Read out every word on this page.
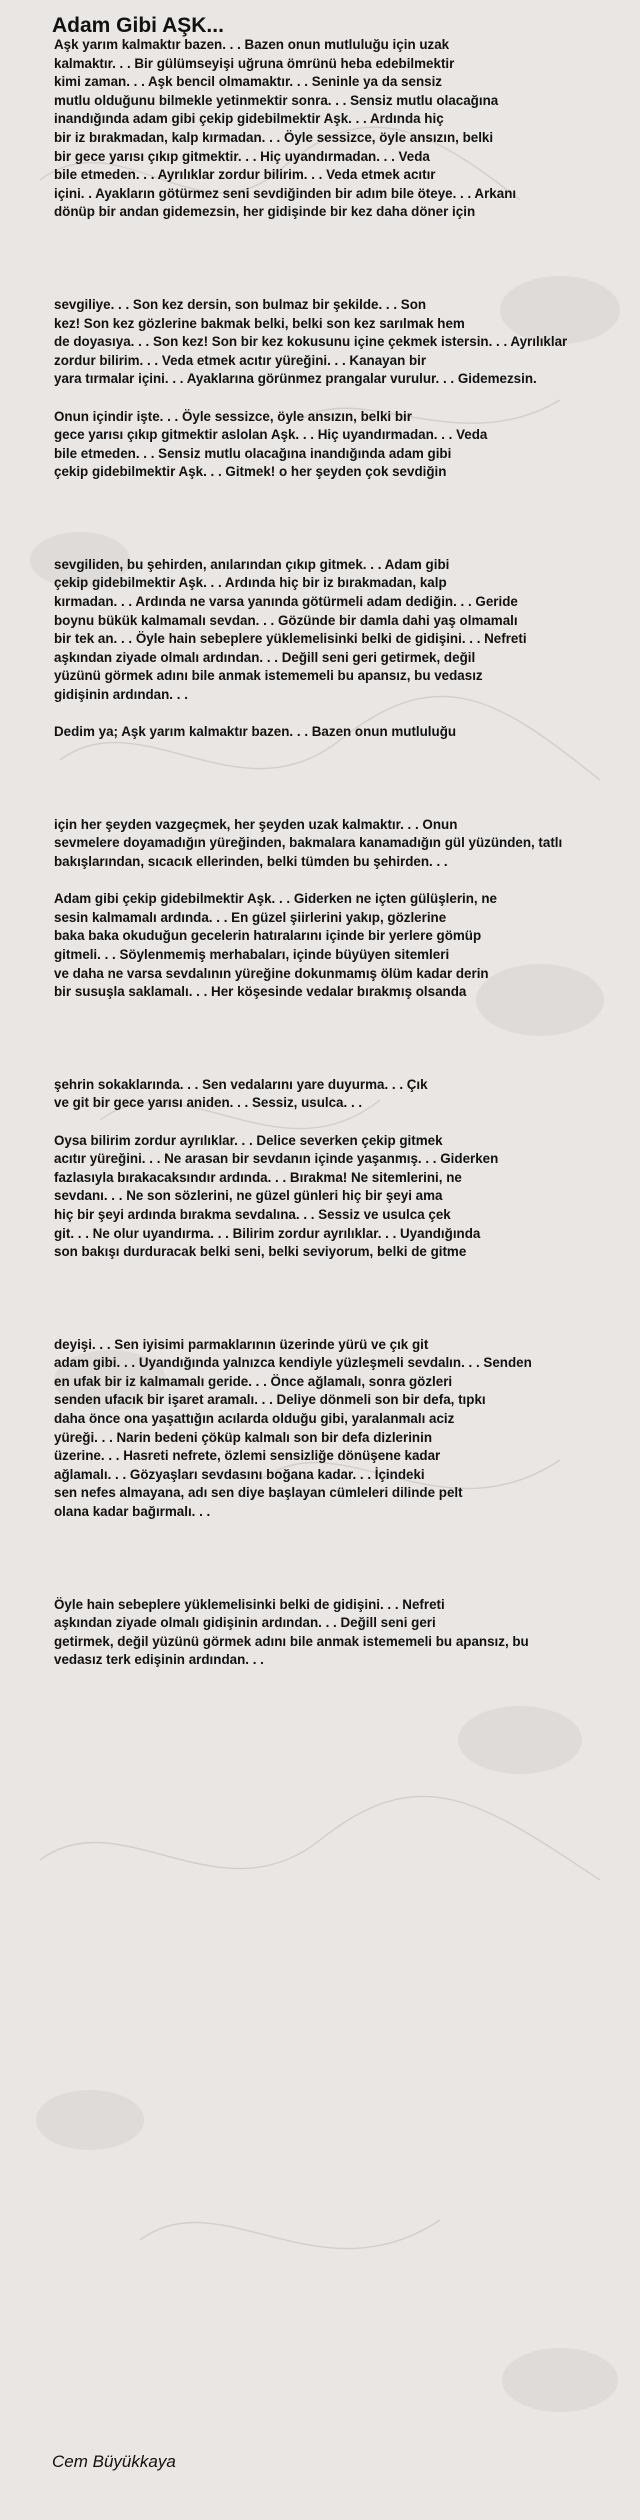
Adam Gibi AŞK...

Aşk yarım kalmaktır bazen. . . Bazen onun mutluluğu için uzak
kalmaktır. . . Bir gülümseyişi uğruna ömrünü heba edebilmektir
kimi zaman. . . Aşk bencil olmamaktır. . . Seninle ya da sensiz
mutlu olduğunu bilmekle yetinmektir sonra. . . Sensiz mutlu olacağına
inandığında adam gibi çekip gidebilmektir Aşk. . . Ardında hiç
bir iz bırakmadan, kalp kırmadan. . . Öyle sessizce, öyle ansızın, belki
bir gece yarısı çıkıp gitmektir. . . Hiç uyandırmadan. . . Veda
bile etmeden. . . Ayrılıklar zordur bilirim. . . Veda etmek acıtır
içini. . Ayakların götürmez seni sevdiğinden bir adım bile öteye. . . Arkanı
dönüp bir andan gidemezsin, her gidişinde bir kez daha döner için

sevgiliye. . . Son kez dersin, son bulmaz bir şekilde. . . Son
kez! Son kez gözlerine bakmak belki, belki son kez sarılmak hem
de doyasıya. . . Son kez! Son bir kez kokusunu içine çekmek istersin. . . Ayrılıklar
zordur bilirim. . . Veda etmek acıtır yüreğini. . . Kanayan bir
yara tırmalar içini. . . Ayaklarına görünmez prangalar vurulur. . . Gidemezsin.

Onun içindir işte. . . Öyle sessizce, öyle ansızın, belki bir
gece yarısı çıkıp gitmektir aslolan Aşk. . . Hiç uyandırmadan. . . Veda
bile etmeden. . . Sensiz mutlu olacağına inandığında adam gibi
çekip gidebilmektir Aşk. . . Gitmek! o her şeyden çok sevdiğin

sevgiliden, bu şehirden, anılarından çıkıp gitmek. . . Adam gibi
çekip gidebilmektir Aşk. . . Ardında hiç bir iz bırakmadan, kalp
kırmadan. . . Ardında ne varsa yanında götürmeli adam dediğin. . . Geride
boynu bükük kalmamalı sevdan. . . Gözünde bir damla dahi yaş olmamalı
bir tek an. . . Öyle hain sebeplere yüklemelisinki belki de gidişini. . . Nefreti
aşkından ziyade olmalı ardından. . . Değill seni geri getirmek, değil
yüzünü görmek adını bile anmak istememeli bu apansız, bu vedasız
gidişinin ardından. . .

Dedim ya; Aşk yarım kalmaktır bazen. . . Bazen onun mutluluğu

için her şeyden vazgeçmek, her şeyden uzak kalmaktır. . . Onun
sevmelere doyamadığın yüreğinden, bakmalara kanamadığın gül yüzünden, tatlı
bakışlarından, sıcacık ellerinden, belki tümden bu şehirden. . .

Adam gibi çekip gidebilmektir Aşk. . . Giderken ne içten gülüşlerin, ne
sesin kalmamalı ardında. . . En güzel şiirlerini yakıp, gözlerine
baka baka okuduğun gecelerin hatıralarını içinde bir yerlere gömüp
gitmeli. . . Söylenmemiş merhabaları, içinde büyüyen sitemleri
ve daha ne varsa sevdalının yüreğine dokunmamış ölüm kadar derin
bir susuşla saklamalı. . . Her köşesinde vedalar bırakmış olsanda

şehrin sokaklarında. . . Sen vedalarını yare duyurma. . . Çık
ve git bir gece yarısı aniden. . . Sessiz, usulca. . .

Oysa bilirim zordur ayrılıklar. . . Delice severken çekip gitmek
acıtır yüreğini. . . Ne arasan bir sevdanın içinde yaşanmış. . . Giderken
fazlasıyla bırakacaksındır ardında. . . Bırakma! Ne sitemlerini, ne
sevdanı. . . Ne son sözlerini, ne güzel günleri hiç bir şeyi ama
hiç bir şeyi ardında bırakma sevdalına. . . Sessiz ve usulca çek
git. . . Ne olur uyandırma. . . Bilirim zordur ayrılıklar. . . Uyandığında
son bakışı durduracak belki seni, belki seviyorum, belki de gitme

deyişi. . . Sen iyisimi parmaklarının üzerinde yürü ve çık git
adam gibi. . . Uyandığında yalnızca kendiyle yüzleşmeli sevdalın. . . Senden
en ufak bir iz kalmamalı geride. . . Önce ağlamalı, sonra gözleri
senden ufacık bir işaret aramalı. . . Deliye dönmeli son bir defa, tıpkı
daha önce ona yaşattığın acılarda olduğu gibi, yaralanmalı aciz
yüreği. . . Narin bedeni çöküp kalmalı son bir defa dizlerinin
üzerine. . . Hasreti nefrete, özlemi sensizliğe dönüşene kadar
ağlamalı. . . Gözyaşları sevdasını boğana kadar. . . İçindeki
sen nefes almayana, adı sen diye başlayan cümleleri dilinde pelt
olana kadar bağırmalı. . .

Öyle hain sebeplere yüklemelisinki belki de gidişini. . . Nefreti
aşkından ziyade olmalı gidişinin ardından. . . Değill seni geri
getirmek, değil yüzünü görmek adını bile anmak istememeli bu apansız, bu
vedasız terk edişinin ardından. . .

Cem Büyükkaya
